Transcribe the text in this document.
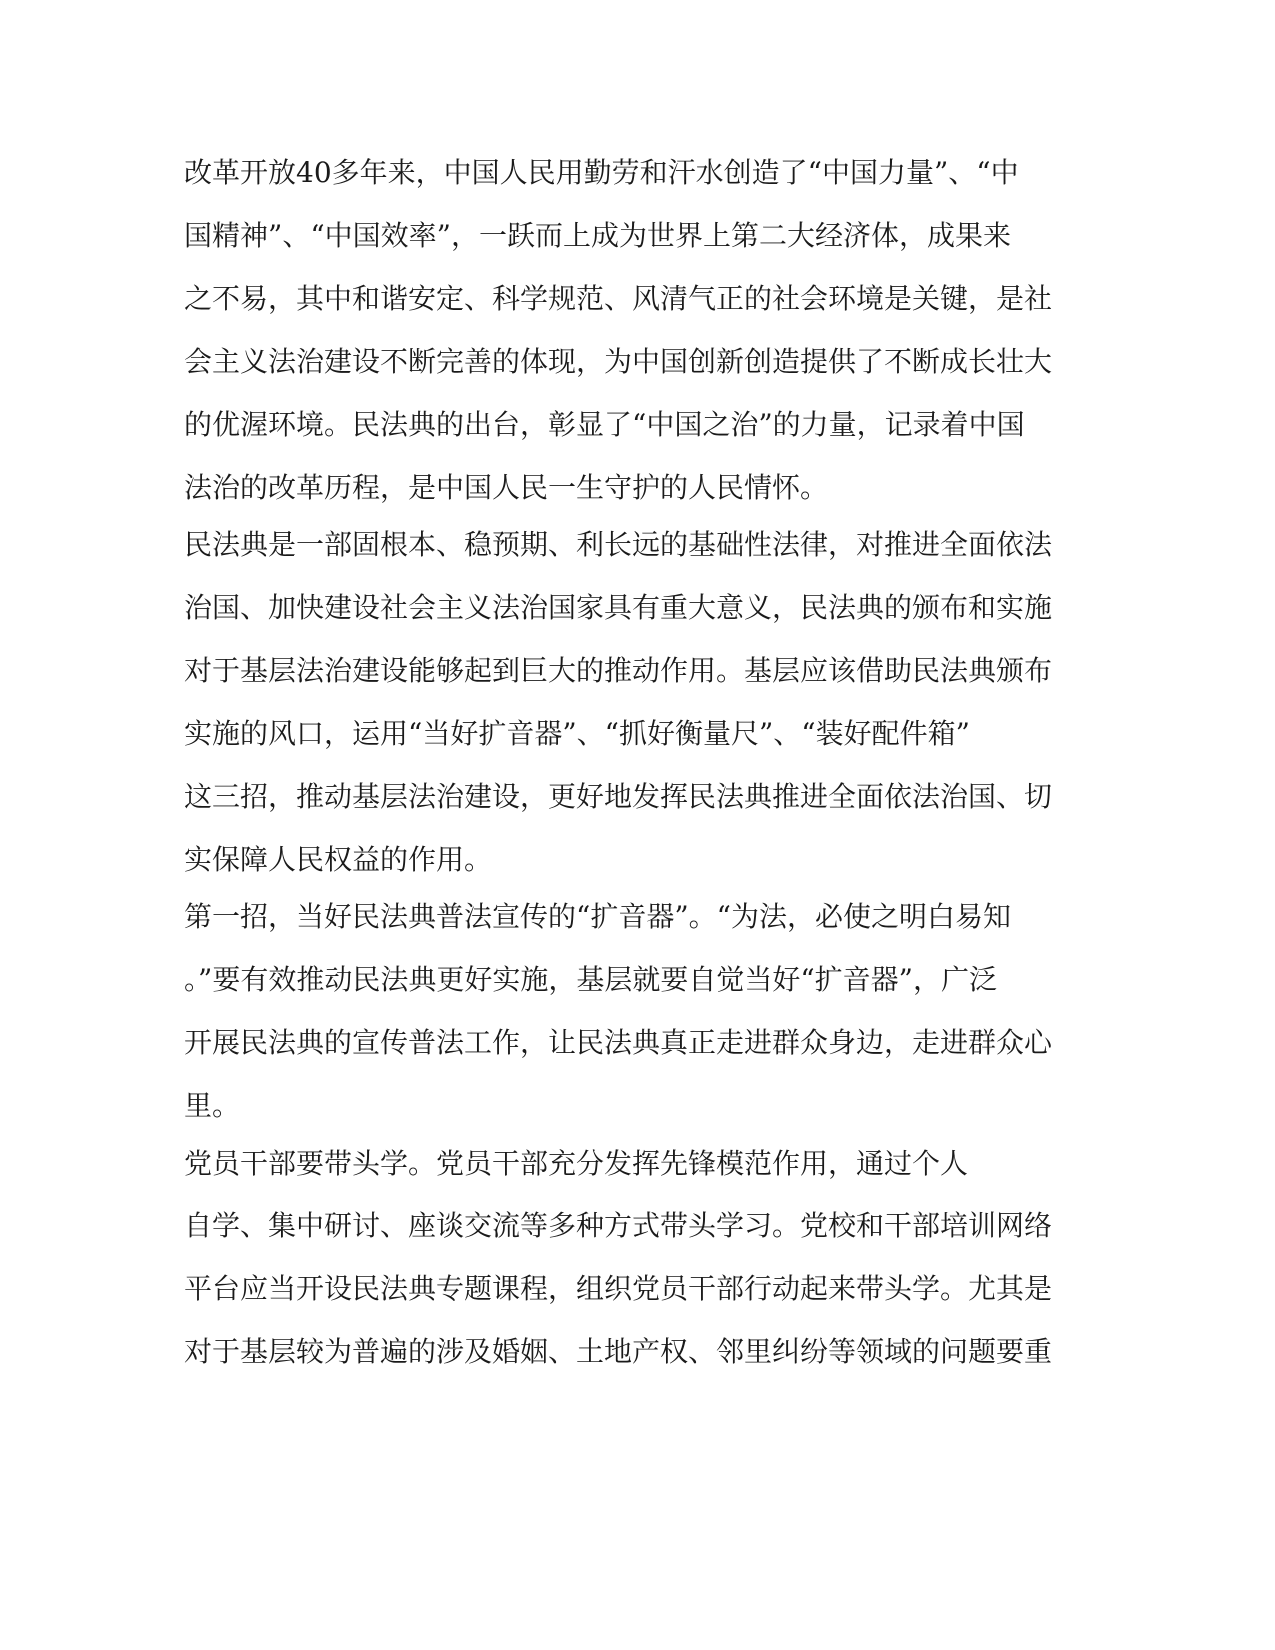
改革开放40多年来，中国人民用勤劳和汗水创造了“中国力量”、“中

国精神”、“中国效率”，一跃而上成为世界上第二大经济体，成果来

之不易，其中和谐安定、科学规范、风清气正的社会环境是关键，是社

会主义法治建设不断完善的体现，为中国创新创造提供了不断成长壮大

的优渥环境。民法典的出台，彰显了“中国之治”的力量，记录着中国

法治的改革历程，是中国人民一生守护的人民情怀。

民法典是一部固根本、稳预期、利长远的基础性法律，对推进全面依法

治国、加快建设社会主义法治国家具有重大意义，民法典的颁布和实施

对于基层法治建设能够起到巨大的推动作用。基层应该借助民法典颁布

实施的风口，运用“当好扩音器”、“抓好衡量尺”、“装好配件箱”

这三招，推动基层法治建设，更好地发挥民法典推进全面依法治国、切

实保障人民权益的作用。

第一招，当好民法典普法宣传的“扩音器”。“为法，必使之明白易知

。”要有效推动民法典更好实施，基层就要自觉当好“扩音器”，广泛

开展民法典的宣传普法工作，让民法典真正走进群众身边，走进群众心

里。

党员干部要带头学。党员干部充分发挥先锋模范作用，通过个人

自学、集中研讨、座谈交流等多种方式带头学习。党校和干部培训网络

平台应当开设民法典专题课程，组织党员干部行动起来带头学。尤其是

对于基层较为普遍的涉及婚姻、土地产权、邻里纠纷等领域的问题要重
